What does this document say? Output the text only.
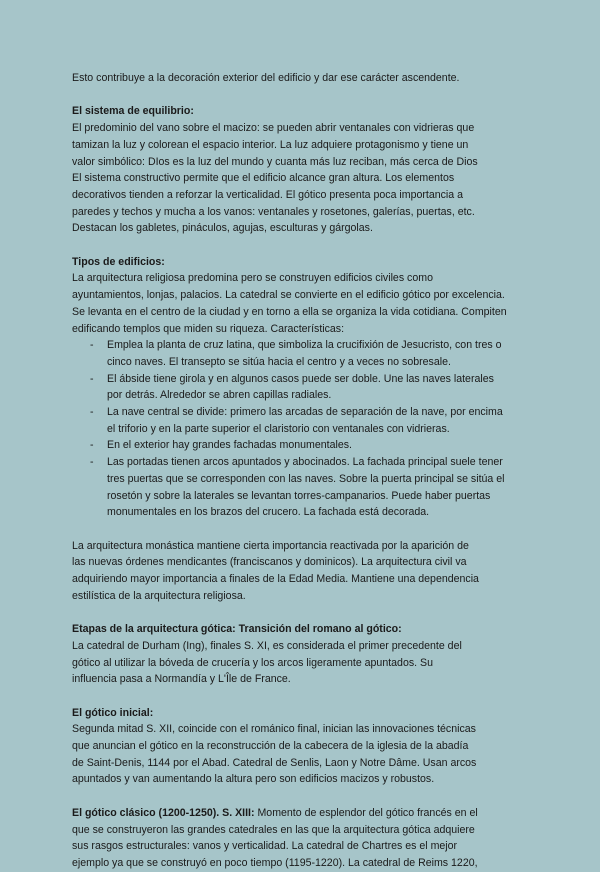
Esto contribuye a la decoración exterior del edificio y dar ese carácter ascendente.

El sistema de equilibrio:

El predominio del vano sobre el macizo: se pueden abrir ventanales con vidrieras que
tamizan la luz y colorean el espacio interior. La luz adquiere protagonismo y tiene un
valor simbólico: DIos es la luz del mundo y cuanta más luz reciban, más cerca de Dios
El sistema constructivo permite que el edificio alcance gran altura. Los elementos
decorativos tienden a reforzar la verticalidad. El gótico presenta poca importancia a
paredes y techos y mucha a los vanos: ventanales y rosetones, galerías, puertas, etc.
Destacan los gabletes, pináculos, agujas, esculturas y gárgolas.

Tipos de edificios:

La arquitectura religiosa predomina pero se construyen edificios civiles como
ayuntamientos, lonjas, palacios. La catedral se convierte en el edificio gótico por excelencia.
Se levanta en el centro de la ciudad y en torno a ella se organiza la vida cotidiana. Compiten
edificando templos que miden su riqueza. Características:

- Emplea la planta de cruz latina, que simboliza la crucifixión de Jesucristo, con tres o
cinco naves. El transepto se sitúa hacia el centro y a veces no sobresale.
- El ábside tiene girola y en algunos casos puede ser doble. Une las naves laterales
por detrás. Alrededor se abren capillas radiales.
- La nave central se divide: primero las arcadas de separación de la nave, por encima
el triforio y en la parte superior el claristorio con ventanales con vidrieras.
- En el exterior hay grandes fachadas monumentales.
- Las portadas tienen arcos apuntados y abocinados. La fachada principal suele tener
tres puertas que se corresponden con las naves. Sobre la puerta principal se sitúa el
rosetón y sobre la laterales se levantan torres-campanarios. Puede haber puertas
monumentales en los brazos del crucero. La fachada está decorada.

La arquitectura monástica mantiene cierta importancia reactivada por la aparición de
las nuevas órdenes mendicantes (franciscanos y dominicos). La arquitectura civil va
adquiriendo mayor importancia a finales de la Edad Media. Mantiene una dependencia
estilística de la arquitectura religiosa.

Etapas de la arquitectura gótica: Transición del romano al gótico:

La catedral de Durham (Ing), finales S. XI, es considerada el primer precedente del
gótico al utilizar la bóveda de crucería y los arcos ligeramente apuntados. Su
influencia pasa a Normandía y L'Île de France.

El gótico inicial:

Segunda mitad S. XII, coincide con el románico final, inician las innovaciones técnicas
que anuncian el gótico en la reconstrucción de la cabecera de la iglesia de la abadía
de Saint-Denis, 1144 por el Abad. Catedral de Senlis, Laon y Notre Dâme. Usan arcos
apuntados y van aumentando la altura pero son edificios macizos y robustos.

El gótico clásico (1200-1250). S. XIII: Momento de esplendor del gótico francés en el
que se construyeron las grandes catedrales en las que la arquitectura gótica adquiere
sus rasgos estructurales: vanos y verticalidad. La catedral de Chartres es el mejor
ejemplo ya que se construyó en poco tiempo (1195-1220). La catedral de Reims 1220,
